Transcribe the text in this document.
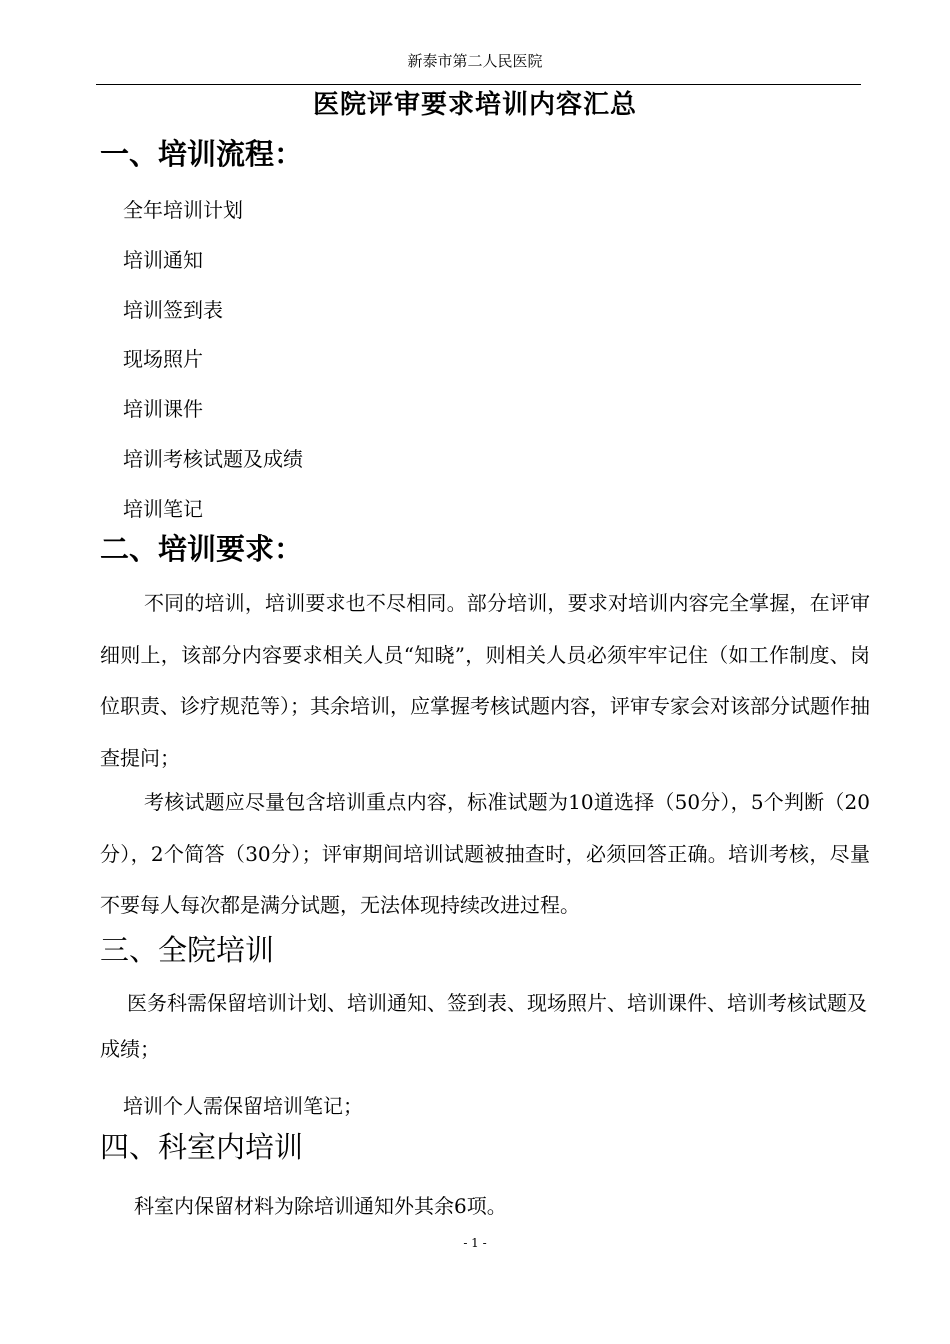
新泰市第二人民医院
医院评审要求培训内容汇总
一、培训流程：
全年培训计划
培训通知
培训签到表
现场照片
培训课件
培训考核试题及成绩
培训笔记
二、培训要求：
不同的培训，培训要求也不尽相同。部分培训，要求对培训内容完全掌握，在评审细则上，该部分内容要求相关人员“知晓”，则相关人员必须牢牢记住（如工作制度、岗位职责、诊疗规范等）；其余培训，应掌握考核试题内容，评审专家会对该部分试题作抽查提问；
考核试题应尽量包含培训重点内容，标准试题为10道选择（50分），5个判断（20分），2个简答（30分）；评审期间培训试题被抽查时，必须回答正确。培训考核，尽量不要每人每次都是满分试题，无法体现持续改进过程。
三、全院培训
医务科需保留培训计划、培训通知、签到表、现场照片、培训课件、培训考核试题及成绩；
培训个人需保留培训笔记；
四、科室内培训
科室内保留材料为除培训通知外其余6项。
- 1 -
